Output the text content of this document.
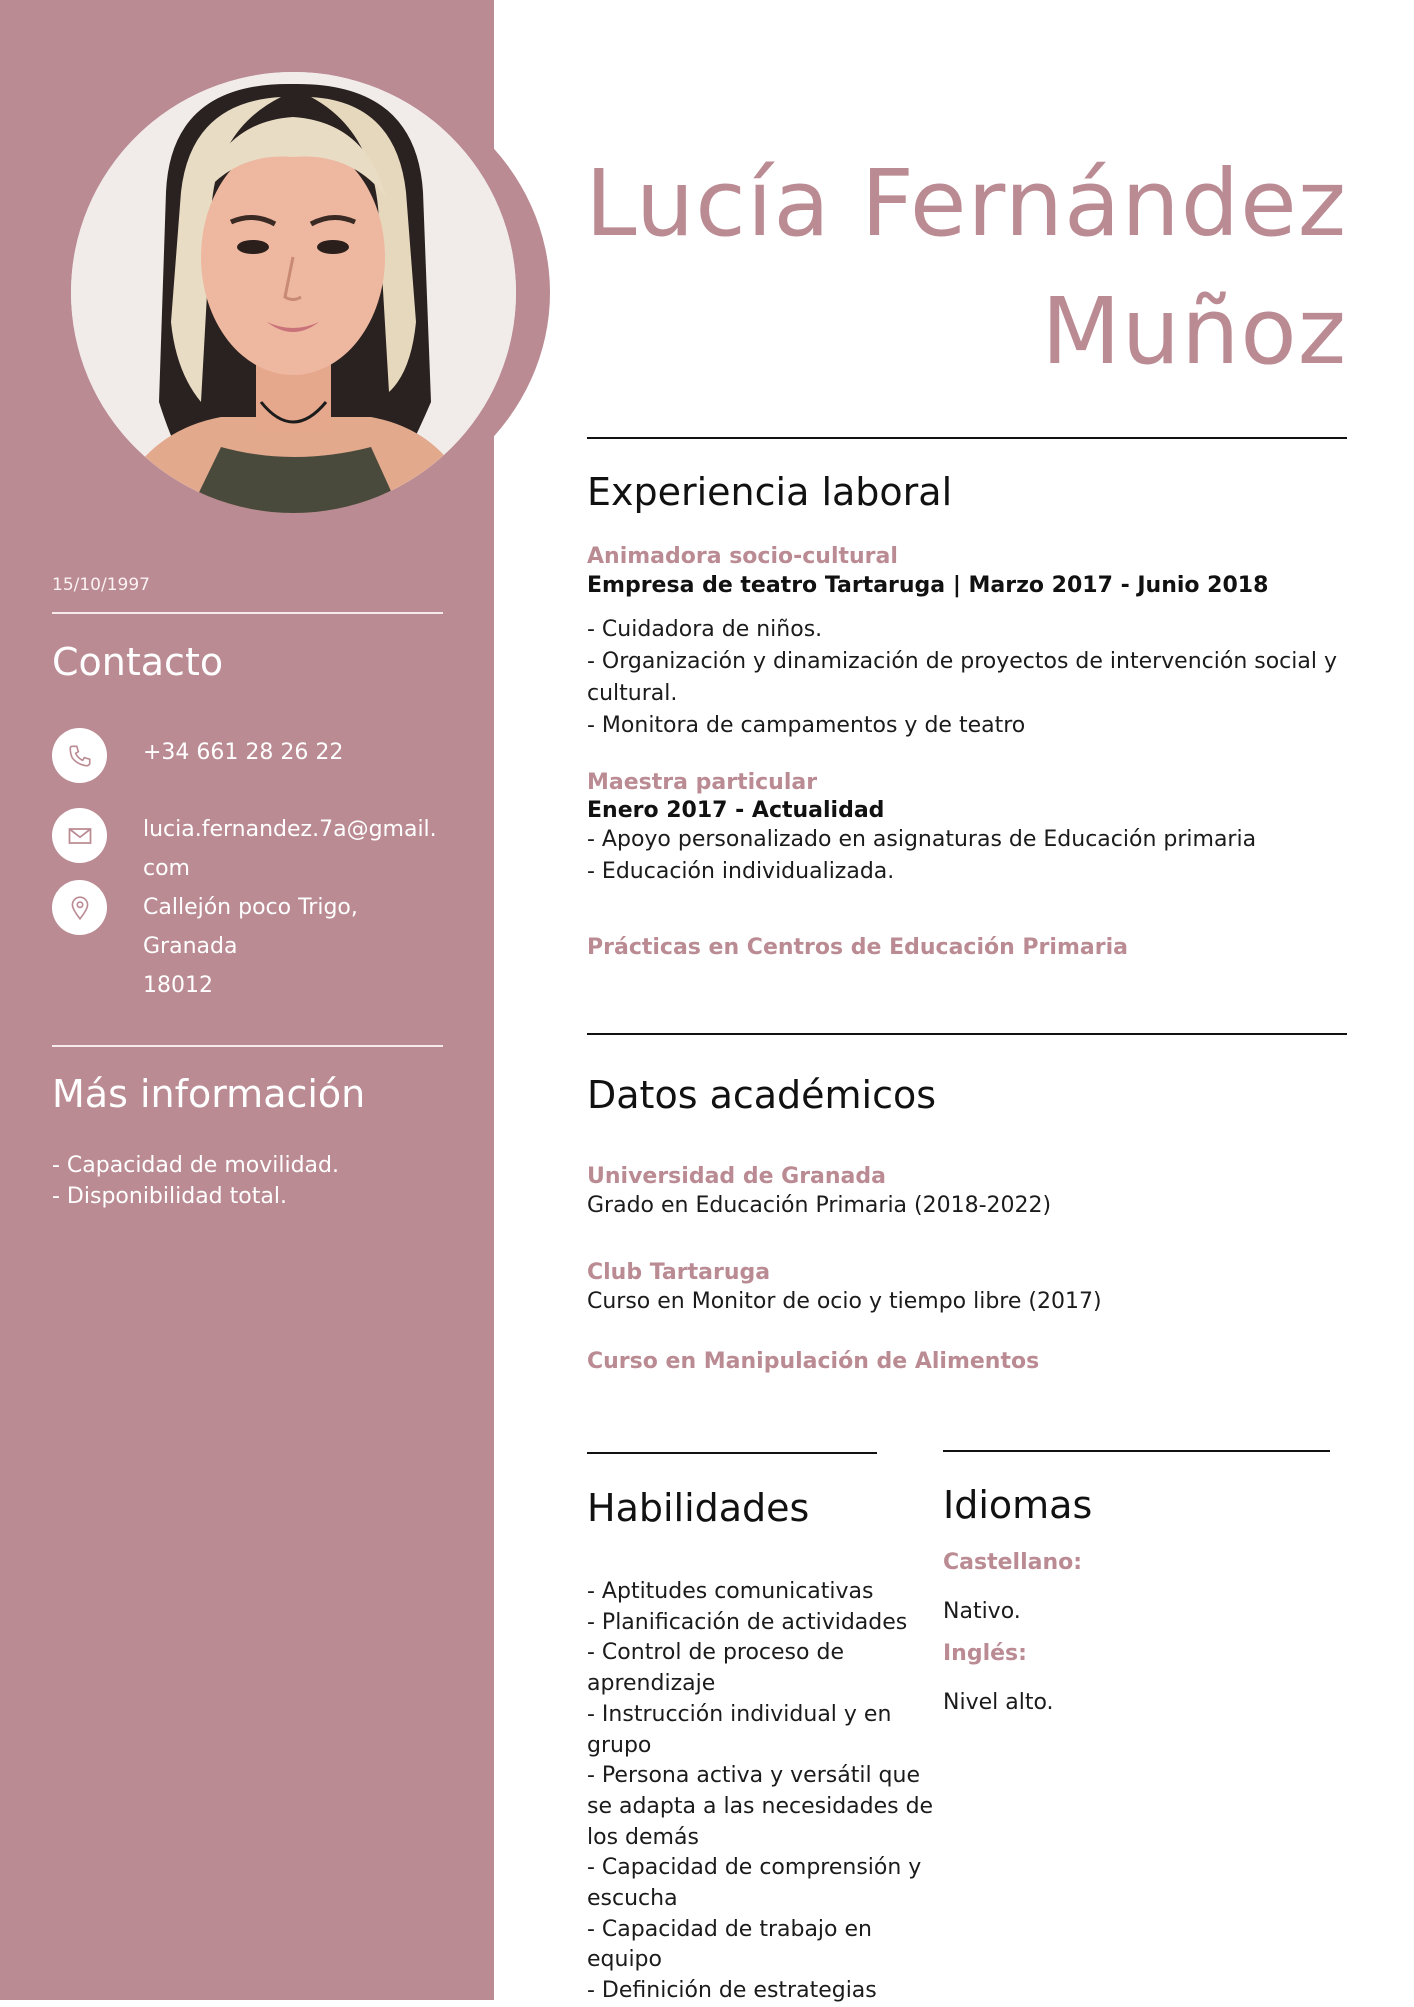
15/10/1997
Contacto
+34 661 28 26 22
lucia.fernandez.7a@gmail.
com
Callejón poco Trigo,
Granada
18012
Más información
- Capacidad de movilidad.
- Disponibilidad total.
Lucía Fernández
Muñoz
Experiencia laboral
Animadora socio-cultural
Empresa de teatro Tartaruga | Marzo 2017 - Junio 2018
- Cuidadora de niños.
- Organización y dinamización de proyectos de intervención social y
cultural.
- Monitora de campamentos y de teatro
Maestra particular
Enero 2017 - Actualidad
- Apoyo personalizado en asignaturas de Educación primaria
- Educación individualizada.
Prácticas en Centros de Educación Primaria
Datos académicos
Universidad de Granada
Grado en Educación Primaria (2018-2022)
Club Tartaruga
Curso en Monitor de ocio y tiempo libre (2017)
Curso en Manipulación de Alimentos
Habilidades
- Aptitudes comunicativas
- Planificación de actividades
- Control de proceso de
aprendizaje
- Instrucción individual y en
grupo
- Persona activa y versátil que
se adapta a las necesidades de
los demás
- Capacidad de comprensión y
escucha
- Capacidad de trabajo en
equipo
- Definición de estrategias
Idiomas
Castellano:
Nativo.
Inglés:
Nivel alto.
